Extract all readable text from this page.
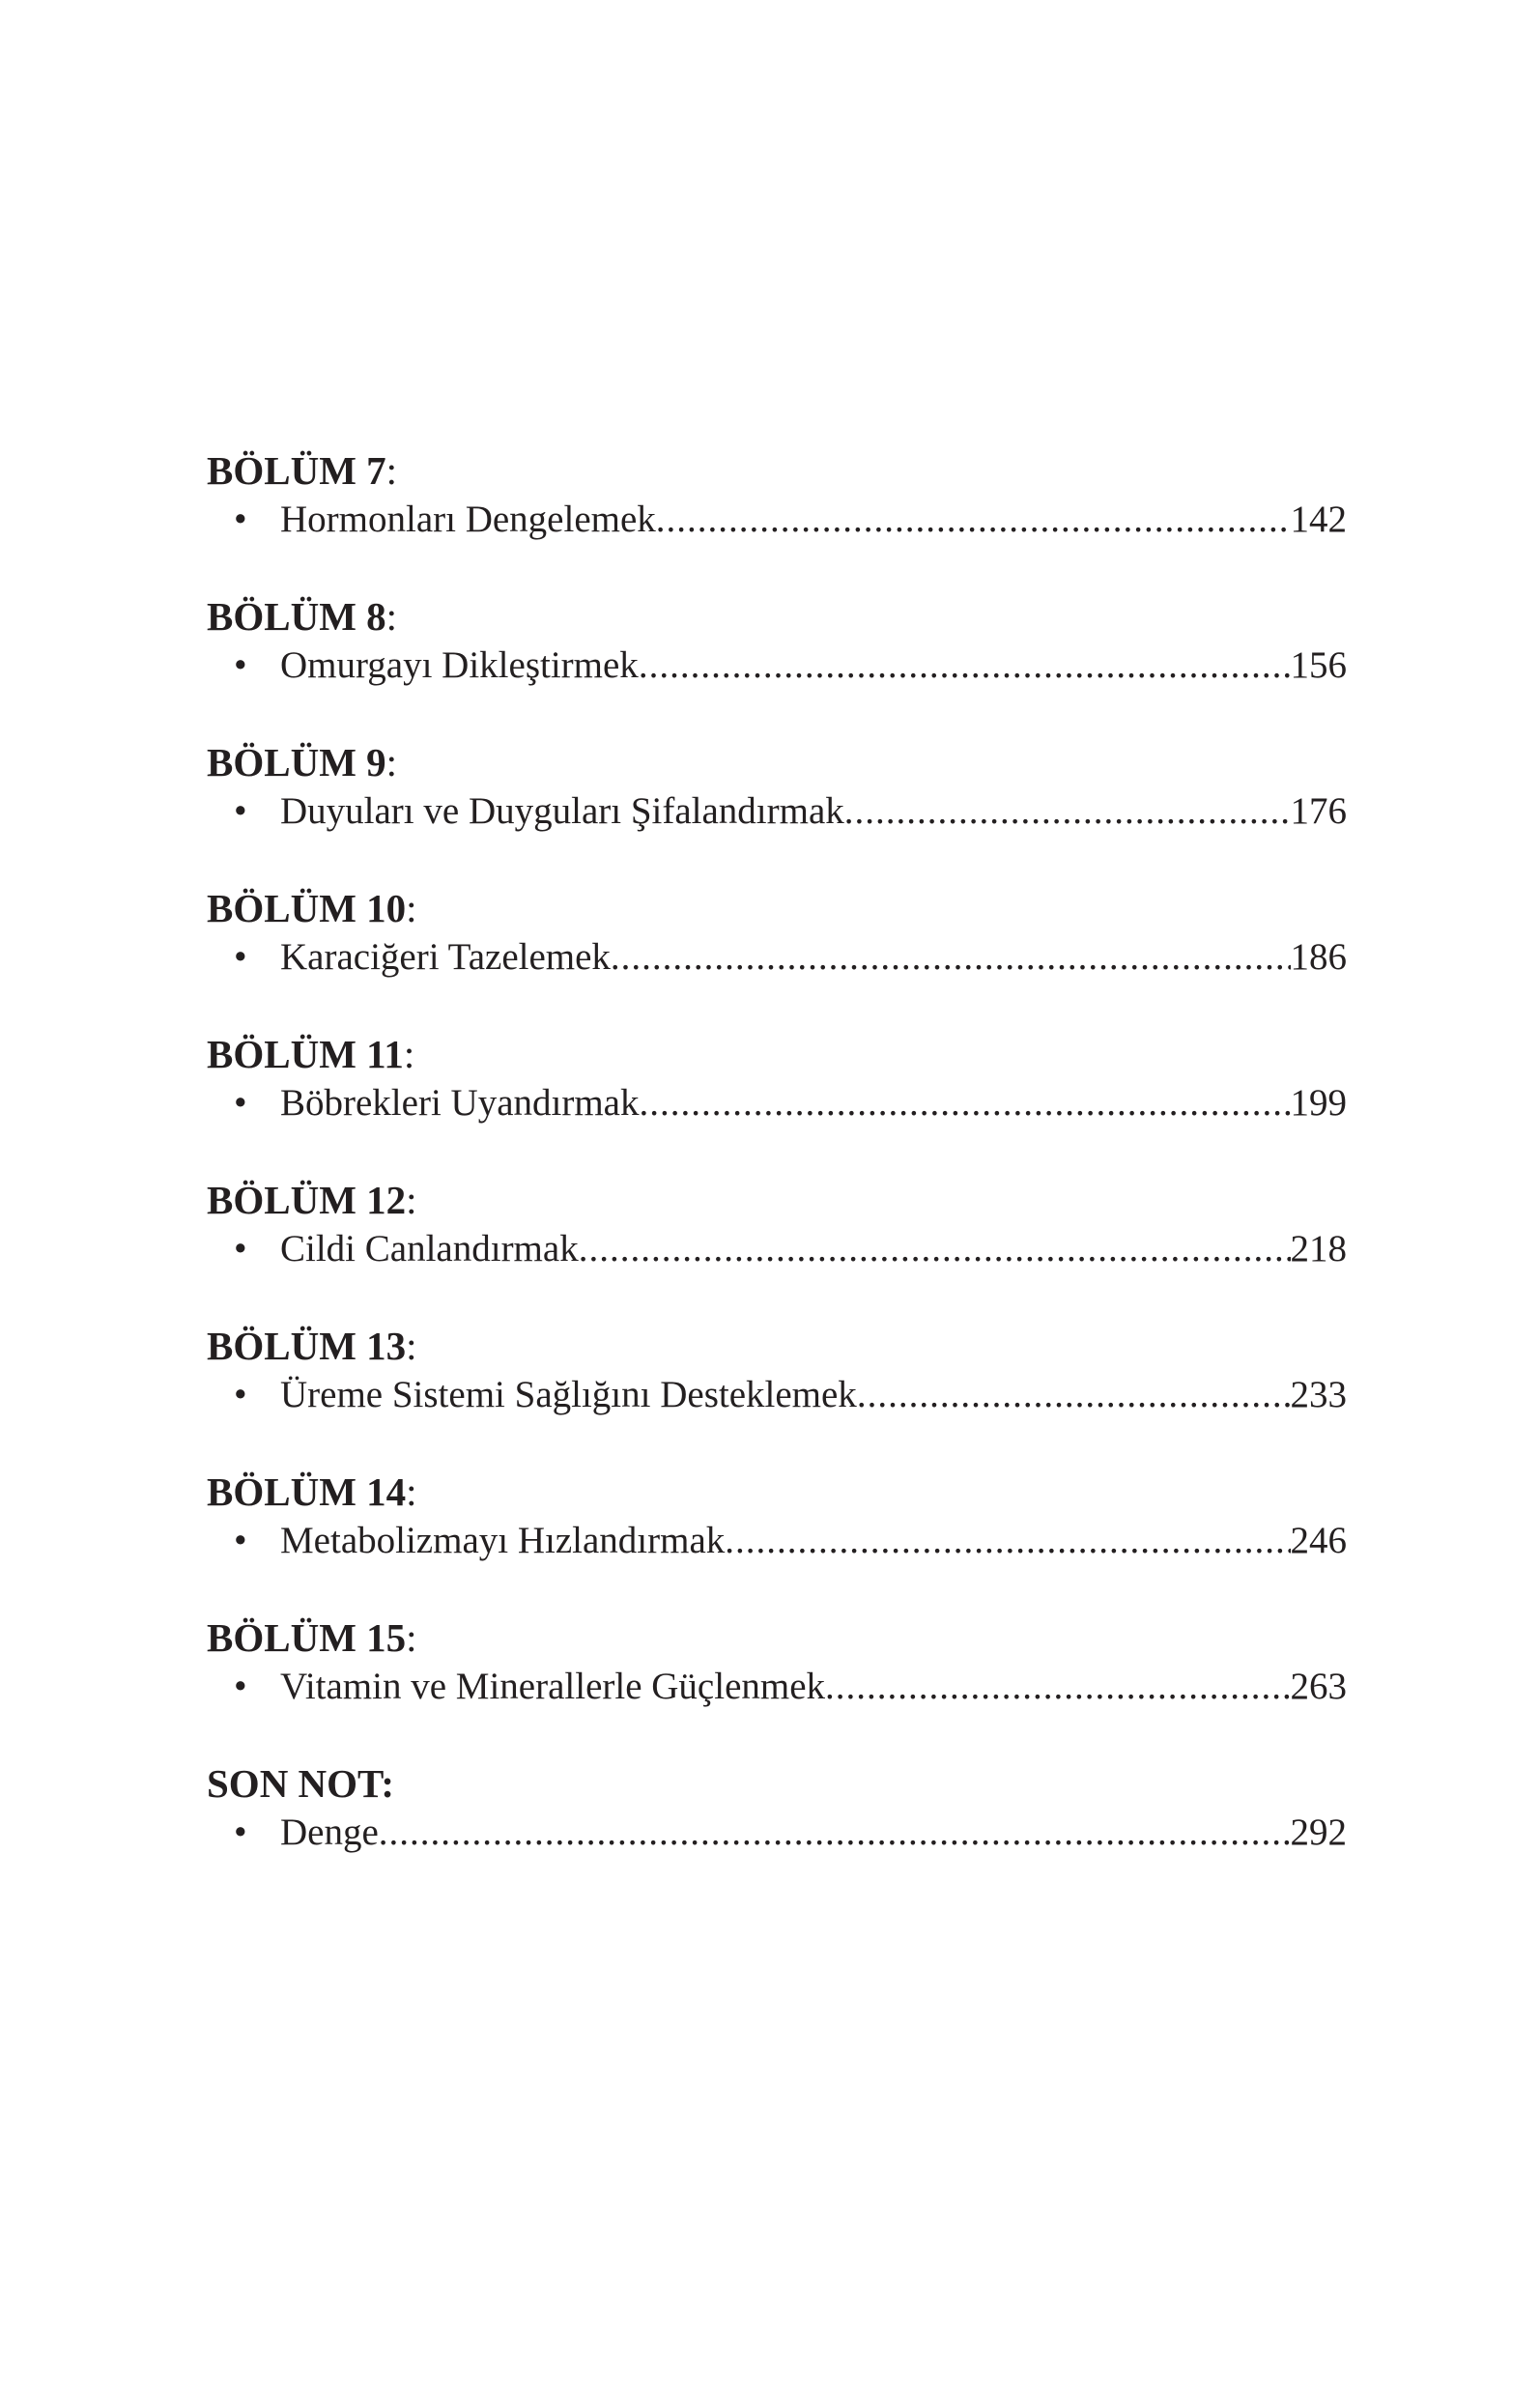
BÖLÜM 7:
•
Hormonları Dengelemek .....	142
BÖLÜM 8:
•
Omurgayı Dikleştirmek .....	156
BÖLÜM 9:
•
Duyuları ve Duyguları Şifalandırmak .....	176
BÖLÜM 10:
•
Karaciğeri Tazelemek .....	186
BÖLÜM 11:
•
Böbrekleri Uyandırmak .....	199
BÖLÜM 12:
•
Cildi Canlandırmak .....	218
BÖLÜM 13:
•
Üreme Sistemi Sağlığını Desteklemek .....	233
BÖLÜM 14:
•
Metabolizmayı Hızlandırmak .....	246
BÖLÜM 15:
•
Vitamin ve Minerallerle Güçlenmek .....	263
SON NOT:
•
Denge .....	292
